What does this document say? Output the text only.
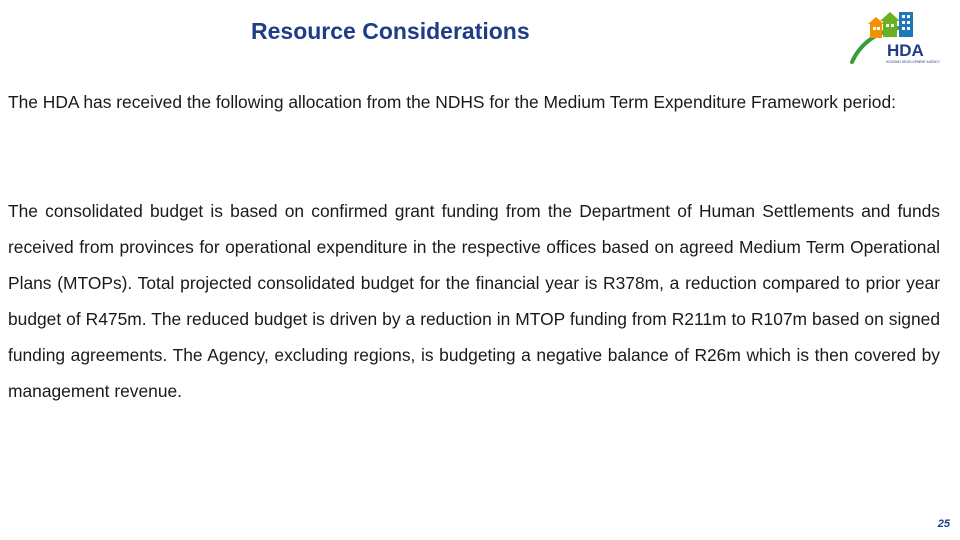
Resource Considerations
HDA
HOUSING DEVELOPMENT AGENCY

The HDA has received the following allocation from the NDHS for the Medium Term Expenditure Framework period:

The consolidated budget is based on confirmed grant funding from the Department of Human Settlements and funds received from provinces for operational expenditure in the respective offices based on agreed Medium Term Operational Plans (MTOPs). Total projected consolidated budget for the financial year is R378m, a reduction compared to prior year budget of R475m. The reduced budget is driven by a reduction in MTOP funding from R211m to R107m based on signed funding agreements. The Agency, excluding regions, is budgeting a negative balance of R26m which is then covered by management revenue.

25
